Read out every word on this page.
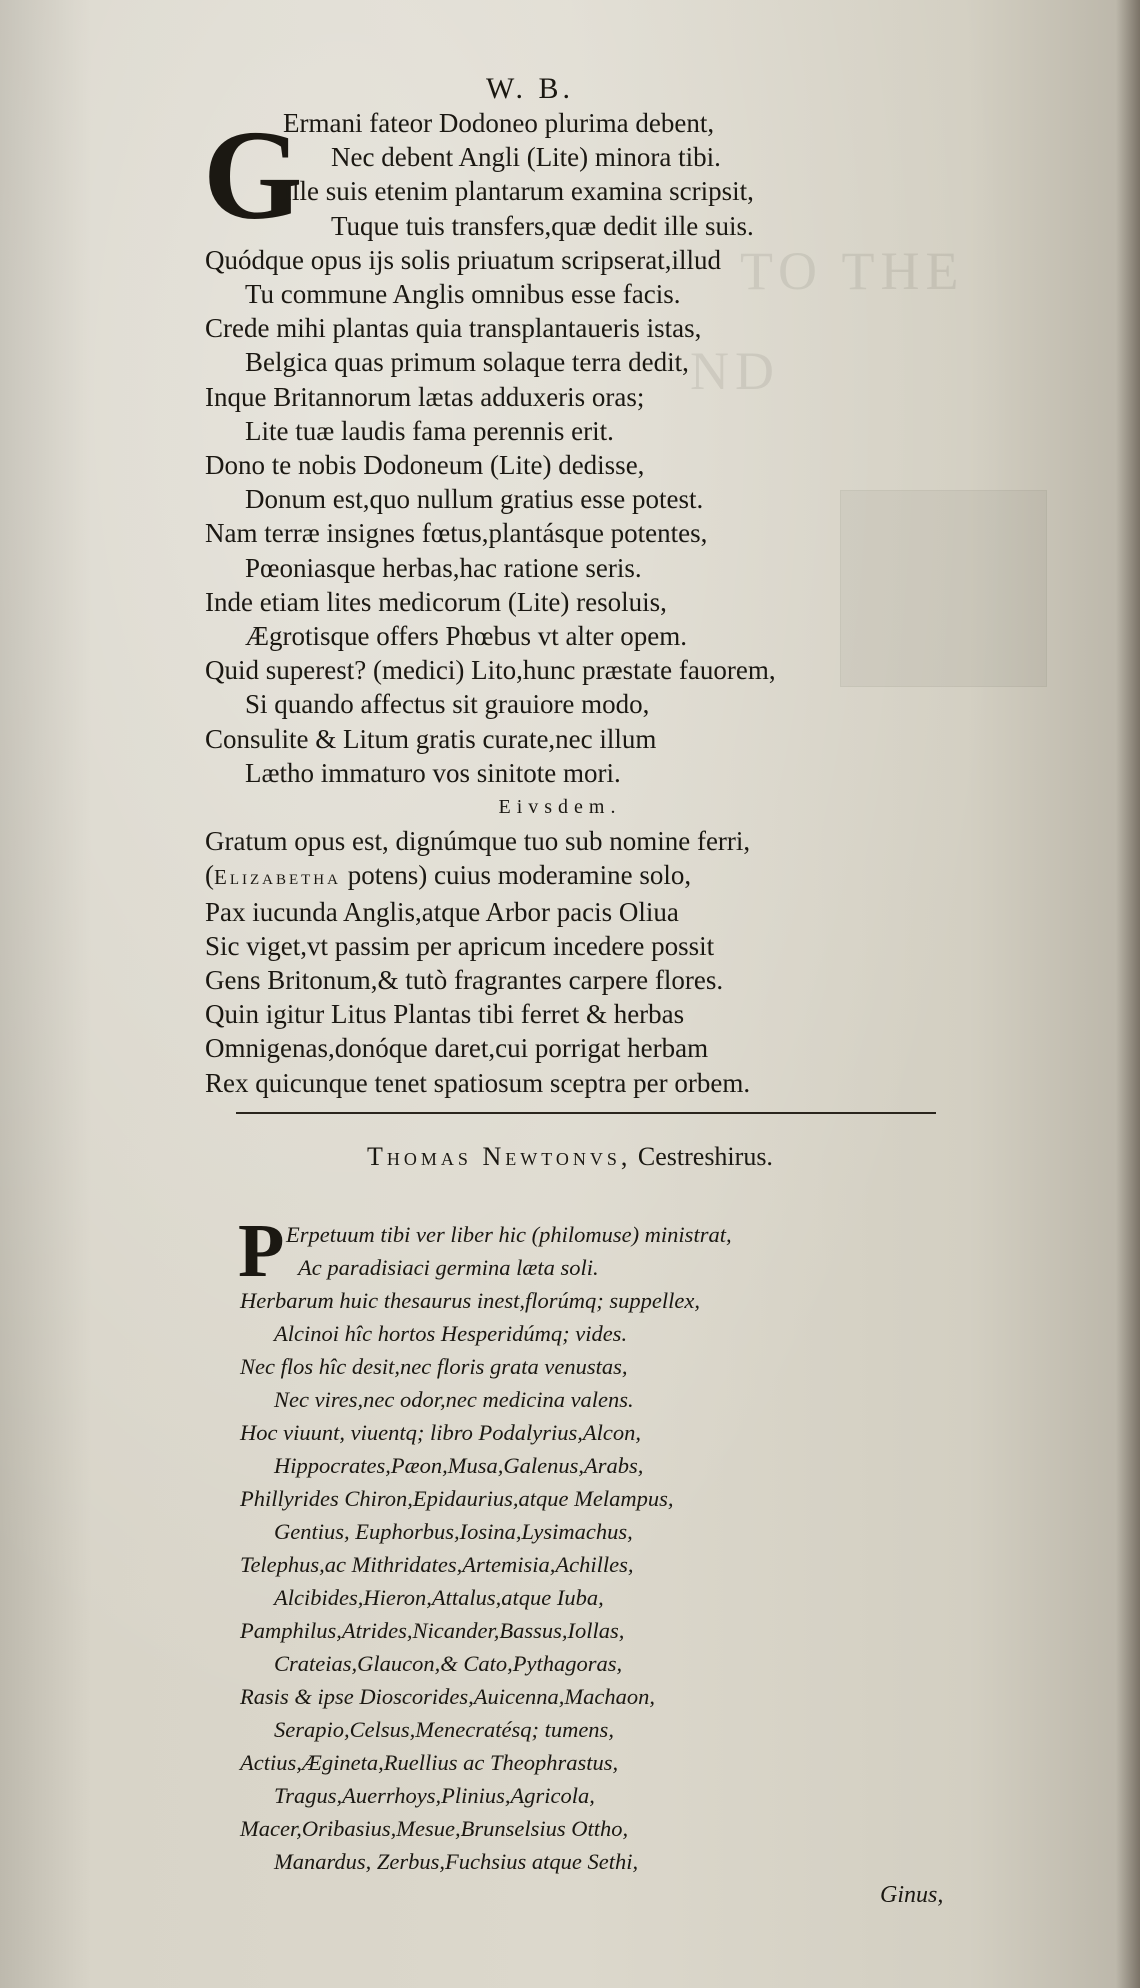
TO THE
ND
W. B.
G
Ermani fateor Dodoneo plurima debent,
Nec debent Angli (Lite) minora tibi.
Ille suis etenim plantarum examina scripsit,
Tuque tuis transfers,quæ dedit ille suis.
Quódque opus ijs solis priuatum scripserat,illud
Tu commune Anglis omnibus esse facis.
Crede mihi plantas quia transplantaueris istas,
Belgica quas primum solaque terra dedit,
Inque Britannorum lætas adduxeris oras;
Lite tuæ laudis fama perennis erit.
Dono te nobis Dodoneum (Lite) dedisse,
Donum est,quo nullum gratius esse potest.
Nam terræ insignes fœtus,plantásque potentes,
Pœoniasque herbas,hac ratione seris.
Inde etiam lites medicorum (Lite) resoluis,
Ægrotisque offers Phœbus vt alter opem.
Quid superest? (medici) Lito,hunc præstate fauorem,
Si quando affectus sit grauiore modo,
Consulite & Litum gratis curate,nec illum
Lætho immaturo vos sinitote mori.
Eivsdem.
Gratum opus est, dignúmque tuo sub nomine ferri,
(Elizabetha potens) cuius moderamine solo,
Pax iucunda Anglis,atque Arbor pacis Oliua
Sic viget,vt passim per apricum incedere possit
Gens Britonum,& tutò fragrantes carpere flores.
Quin igitur Litus Plantas tibi ferret & herbas
Omnigenas,donóque daret,cui porrigat herbam
Rex quicunque tenet spatiosum sceptra per orbem.
Thomas Newtonvs, Cestreshirus.
P Erpetuum tibi ver liber hic (philomuse) ministrat,
Ac paradisiaci germina læta soli.
Herbarum huic thesaurus inest,florúmq; suppellex,
Alcinoi hîc hortos Hesperidúmq; vides.
Nec flos hîc desit,nec floris grata venustas,
Nec vires,nec odor,nec medicina valens.
Hoc viuunt, viuentq; libro Podalyrius,Alcon,
Hippocrates,Pæon,Musa,Galenus,Arabs,
Phillyrides Chiron,Epidaurius,atque Melampus,
Gentius, Euphorbus,Iosina,Lysimachus,
Telephus,ac Mithridates,Artemisia,Achilles,
Alcibides,Hieron,Attalus,atque Iuba,
Pamphilus,Atrides,Nicander,Bassus,Iollas,
Crateias,Glaucon,& Cato,Pythagoras,
Rasis & ipse Dioscorides,Auicenna,Machaon,
Serapio,Celsus,Menecratésq; tumens,
Actius,Æginetа,Ruellius ac Theophrastus,
Tragus,Auerrhoys,Plinius,Agricola,
Macer,Oribasius,Mesue,Brunselsius Ottho,
Manardus, Zerbus,Fuchsius atque Sethi,
Ginus,
